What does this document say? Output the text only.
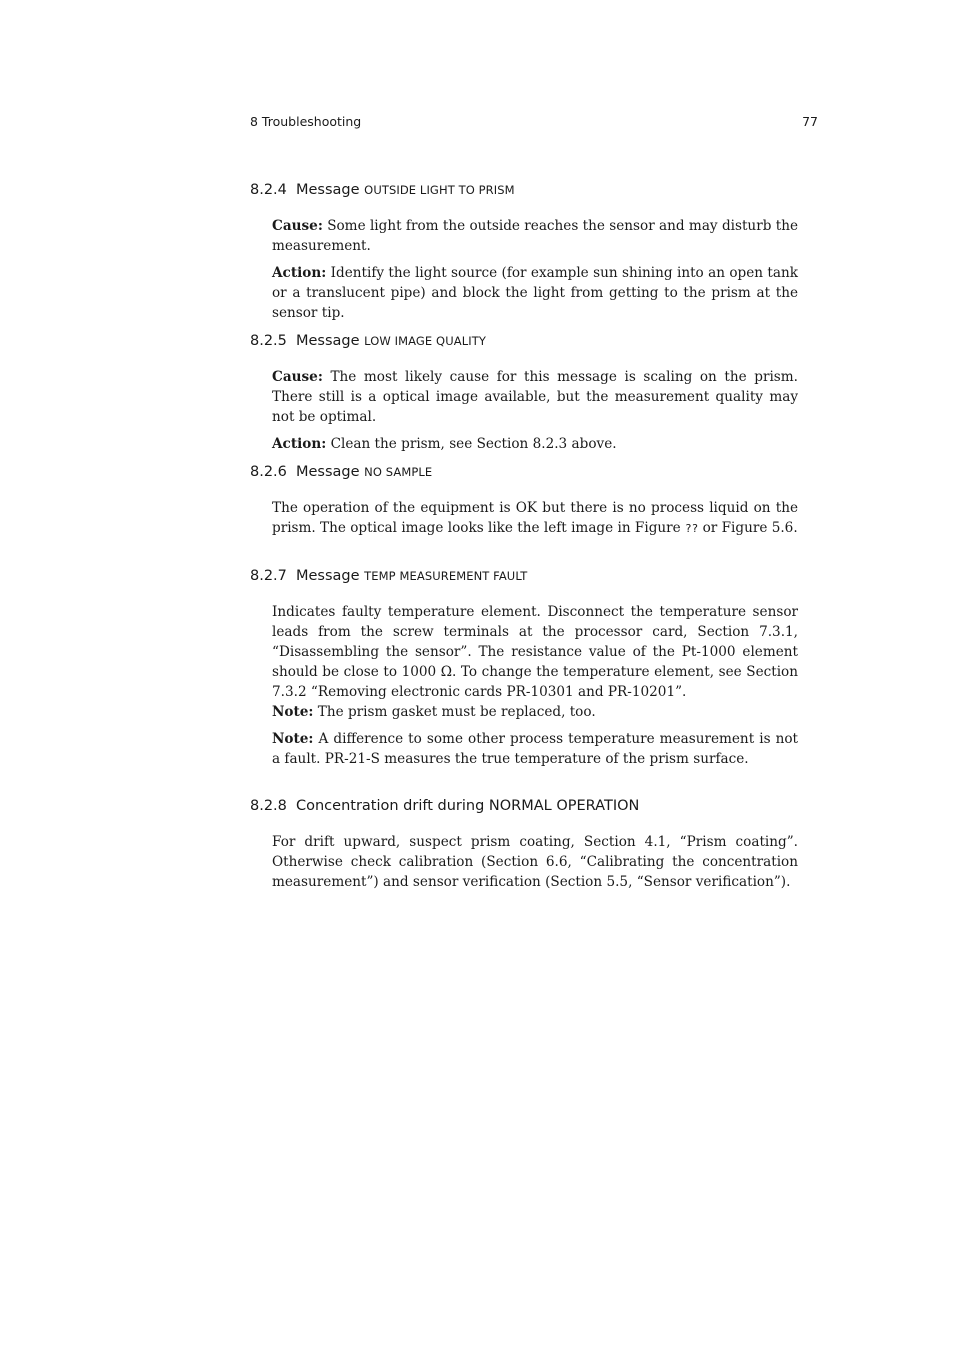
8 Troubleshooting	77
8.2.4 Message OUTSIDE LIGHT TO PRISM

Cause: Some light from the outside reaches the sensor and may disturb the measurement.

Action: Identify the light source (for example sun shining into an open tank or a translucent pipe) and block the light from getting to the prism at the sensor tip.

8.2.5 Message LOW IMAGE QUALITY

Cause: The most likely cause for this message is scaling on the prism. There still is a optical image available, but the measurement quality may not be optimal.

Action: Clean the prism, see Section 8.2.3 above.

8.2.6 Message NO SAMPLE

The operation of the equipment is OK but there is no process liquid on the prism. The optical image looks like the left image in Figure ?? or Figure 5.6.

8.2.7 Message TEMP MEASUREMENT FAULT

Indicates faulty temperature element. Disconnect the temperature sensor leads from the screw terminals at the processor card, Section 7.3.1, “Disassembling the sensor”. The resistance value of the Pt-1000 element should be close to 1000 Ω. To change the temperature element, see Section 7.3.2 “Removing electronic cards PR-10301 and PR-10201”.

Note: The prism gasket must be replaced, too.

Note: A difference to some other process temperature measurement is not a fault. PR-21-S measures the true temperature of the prism surface.

8.2.8 Concentration drift during NORMAL OPERATION

For drift upward, suspect prism coating, Section 4.1, “Prism coating”. Otherwise check calibration (Section 6.6, “Calibrating the concentration measurement”) and sensor verification (Section 5.5, “Sensor verification”).
